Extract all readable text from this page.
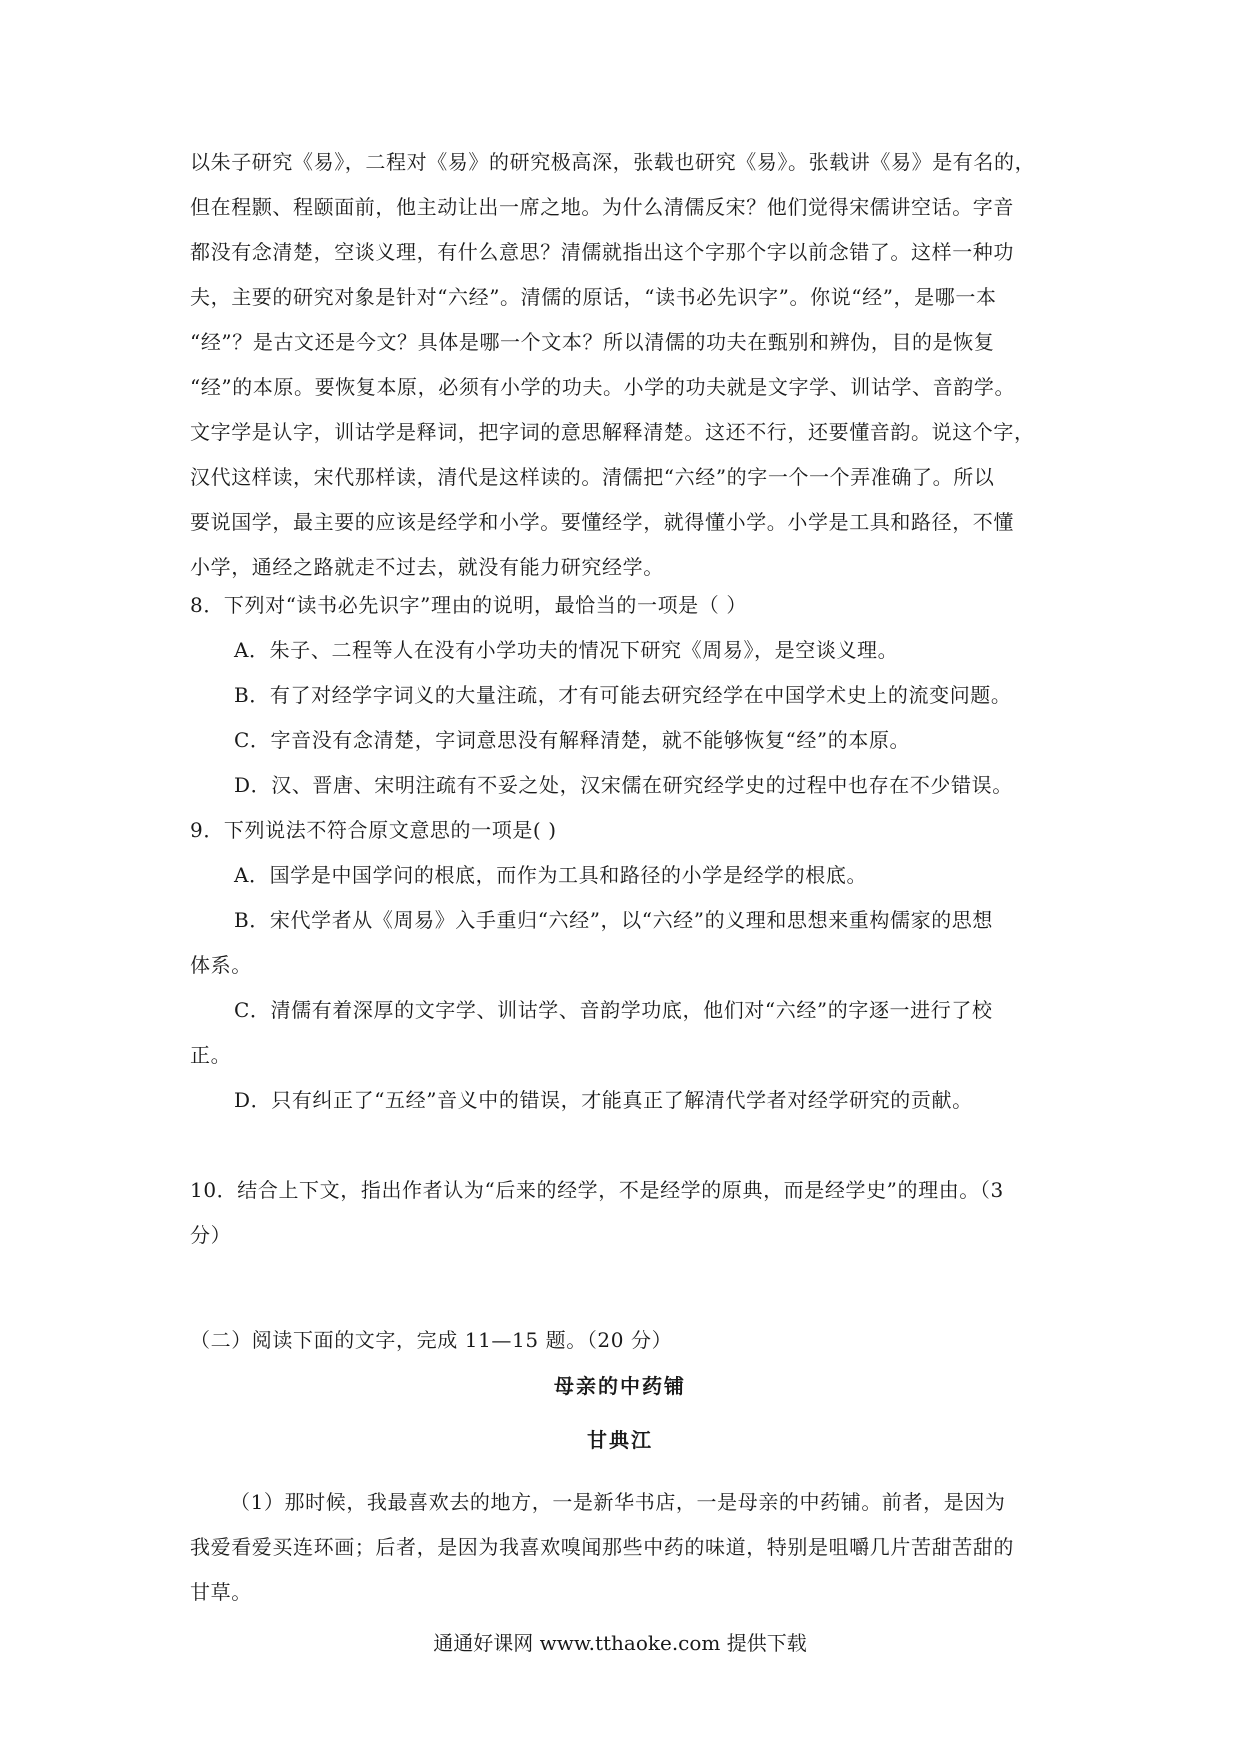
以朱子研究《易》，二程对《易》的研究极高深，张载也研究《易》。张载讲《易》是有名的，

但在程颢、程颐面前，他主动让出一席之地。为什么清儒反宋？他们觉得宋儒讲空话。字音

都没有念清楚，空谈义理，有什么意思？清儒就指出这个字那个字以前念错了。这样一种功

夫，主要的研究对象是针对“六经”。清儒的原话，“读书必先识字”。你说“经”，是哪一本

“经”？是古文还是今文？具体是哪一个文本？所以清儒的功夫在甄别和辨伪，目的是恢复

“经”的本原。要恢复本原，必须有小学的功夫。小学的功夫就是文字学、训诂学、音韵学。

文字学是认字，训诂学是释词，把字词的意思解释清楚。这还不行，还要懂音韵。说这个字，

汉代这样读，宋代那样读，清代是这样读的。清儒把“六经”的字一个一个弄准确了。所以

要说国学，最主要的应该是经学和小学。要懂经学，就得懂小学。小学是工具和路径，不懂

小学，通经之路就走不过去，就没有能力研究经学。

8．下列对“读书必先识字”理由的说明，最恰当的一项是（ ）

A．朱子、二程等人在没有小学功夫的情况下研究《周易》，是空谈义理。

B．有了对经学字词义的大量注疏，才有可能去研究经学在中国学术史上的流变问题。

C．字音没有念清楚，字词意思没有解释清楚，就不能够恢复“经”的本原。

D．汉、晋唐、宋明注疏有不妥之处，汉宋儒在研究经学史的过程中也存在不少错误。

9．下列说法不符合原文意思的一项是( )

A．国学是中国学问的根底，而作为工具和路径的小学是经学的根底。

B．宋代学者从《周易》入手重归“六经”，以“六经”的义理和思想来重构儒家的思想

体系。

C．清儒有着深厚的文字学、训诂学、音韵学功底，他们对“六经”的字逐一进行了校

正。

D．只有纠正了“五经”音义中的错误，才能真正了解清代学者对经学研究的贡献。

10．结合上下文，指出作者认为“后来的经学，不是经学的原典，而是经学史”的理由。（3

分）

（二）阅读下面的文字，完成 11—15 题。（20 分）

母亲的中药铺
甘典江

（1）那时候，我最喜欢去的地方，一是新华书店，一是母亲的中药铺。前者，是因为

我爱看爱买连环画；后者，是因为我喜欢嗅闻那些中药的味道，特别是咀嚼几片苦甜苦甜的

甘草。

通通好课网 www.tthaoke.com 提供下载
